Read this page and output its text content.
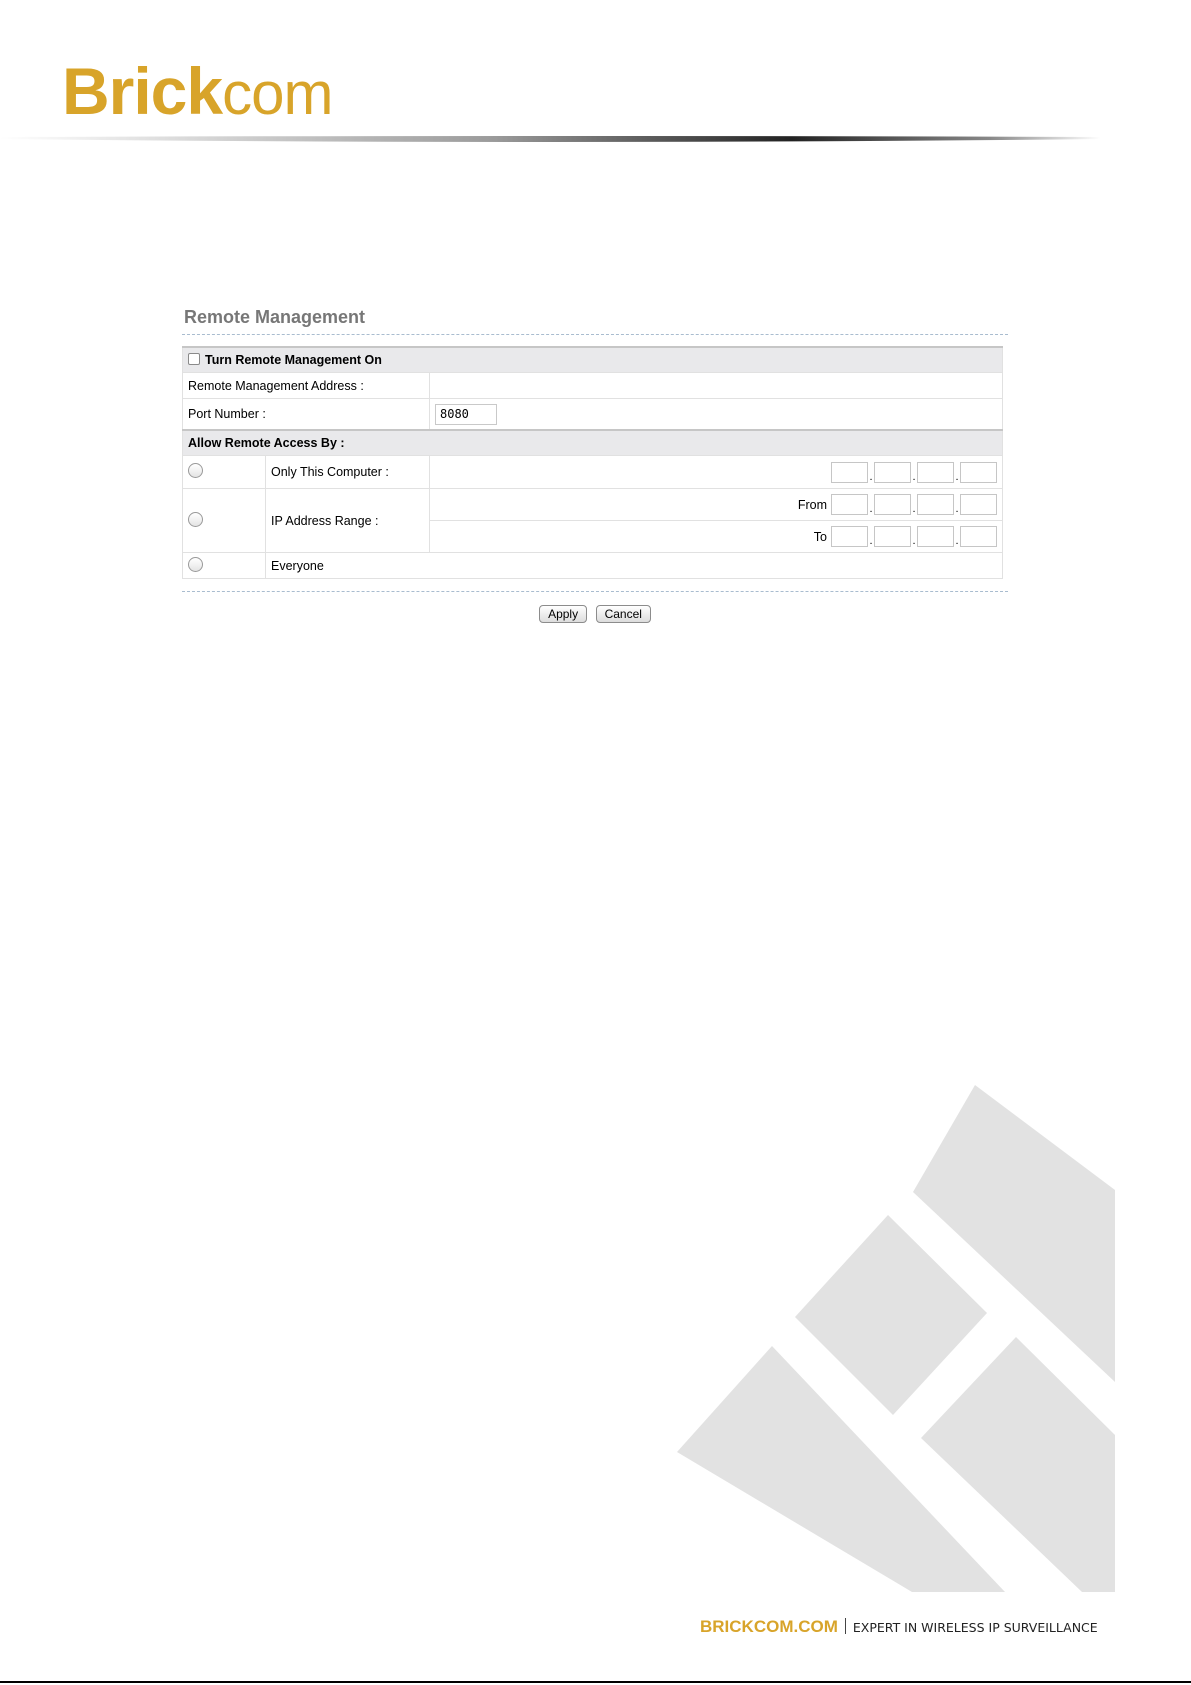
Brickcom
Remote Management
Turn Remote Management On		
Remote Management Address :		
Port Number :		8080
Allow Remote Access By :		
	Only This Computer :	. . .
	IP Address Range :	From . . .
		To . . .
	Everyone	
Apply Cancel
BRICKCOM.COM EXPERT IN WIRELESS IP SURVEILLANCE
